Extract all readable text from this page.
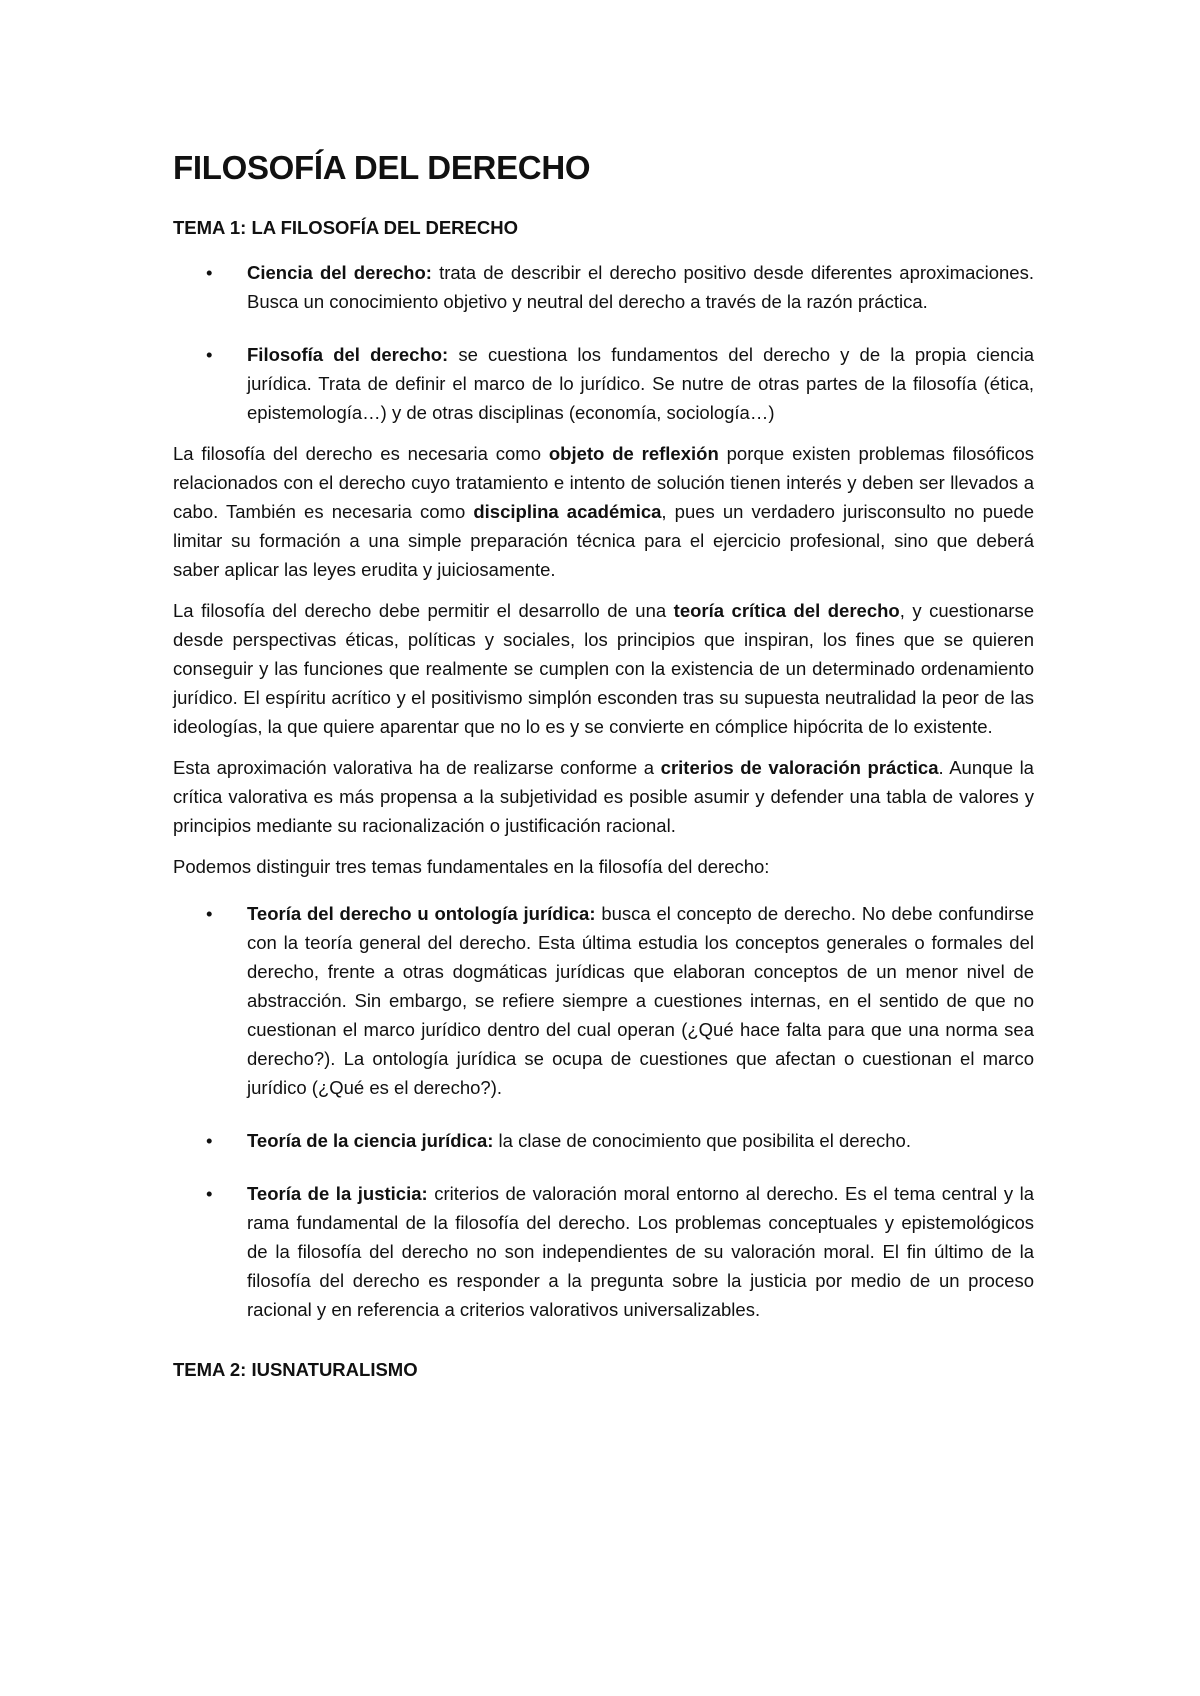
FILOSOFÍA DEL DERECHO
TEMA 1: LA FILOSOFÍA DEL DERECHO
• Ciencia del derecho: trata de describir el derecho positivo desde diferentes aproximaciones. Busca un conocimiento objetivo y neutral del derecho a través de la razón práctica.
• Filosofía del derecho: se cuestiona los fundamentos del derecho y de la propia ciencia jurídica. Trata de definir el marco de lo jurídico. Se nutre de otras partes de la filosofía (ética, epistemología…) y de otras disciplinas (economía, sociología…)

La filosofía del derecho es necesaria como objeto de reflexión porque existen problemas filosóficos relacionados con el derecho cuyo tratamiento e intento de solución tienen interés y deben ser llevados a cabo. También es necesaria como disciplina académica, pues un verdadero jurisconsulto no puede limitar su formación a una simple preparación técnica para el ejercicio profesional, sino que deberá saber aplicar las leyes erudita y juiciosamente.

La filosofía del derecho debe permitir el desarrollo de una teoría crítica del derecho, y cuestionarse desde perspectivas éticas, políticas y sociales, los principios que inspiran, los fines que se quieren conseguir y las funciones que realmente se cumplen con la existencia de un determinado ordenamiento jurídico. El espíritu acrítico y el positivismo simplón esconden tras su supuesta neutralidad la peor de las ideologías, la que quiere aparentar que no lo es y se convierte en cómplice hipócrita de lo existente.

Esta aproximación valorativa ha de realizarse conforme a criterios de valoración práctica. Aunque la crítica valorativa es más propensa a la subjetividad es posible asumir y defender una tabla de valores y principios mediante su racionalización o justificación racional.

Podemos distinguir tres temas fundamentales en la filosofía del derecho:

• Teoría del derecho u ontología jurídica: busca el concepto de derecho. No debe confundirse con la teoría general del derecho. Esta última estudia los conceptos generales o formales del derecho, frente a otras dogmáticas jurídicas que elaboran conceptos de un menor nivel de abstracción. Sin embargo, se refiere siempre a cuestiones internas, en el sentido de que no cuestionan el marco jurídico dentro del cual operan (¿Qué hace falta para que una norma sea derecho?). La ontología jurídica se ocupa de cuestiones que afectan o cuestionan el marco jurídico (¿Qué es el derecho?).
• Teoría de la ciencia jurídica: la clase de conocimiento que posibilita el derecho.
• Teoría de la justicia: criterios de valoración moral entorno al derecho. Es el tema central y la rama fundamental de la filosofía del derecho. Los problemas conceptuales y epistemológicos de la filosofía del derecho no son independientes de su valoración moral. El fin último de la filosofía del derecho es responder a la pregunta sobre la justicia por medio de un proceso racional y en referencia a criterios valorativos universalizables.
TEMA 2: IUSNATURALISMO
